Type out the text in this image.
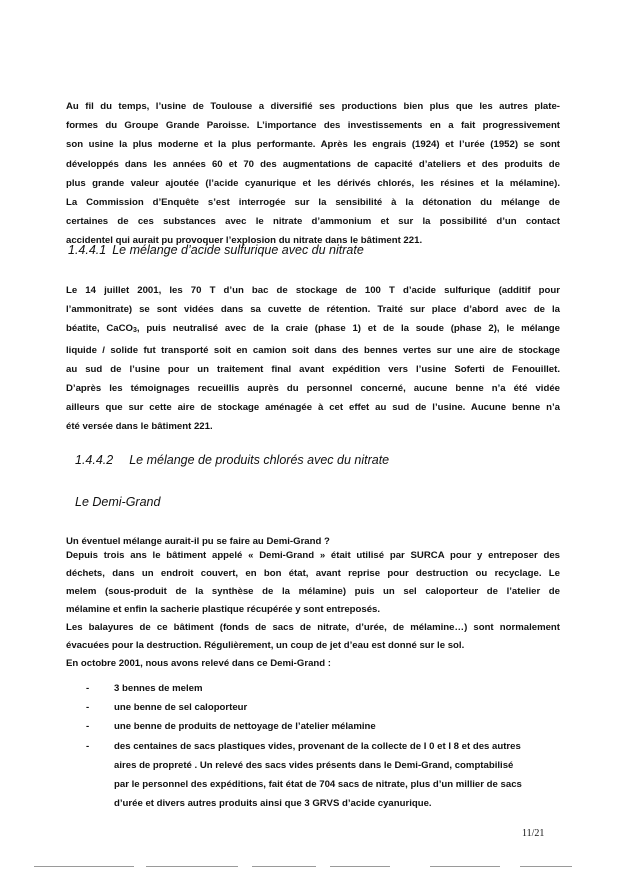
Au fil du temps, l’usine de Toulouse a diversifié ses productions bien plus que les autres plate-
formes du Groupe Grande Paroisse. L’importance des investissements en a fait progressivement
son usine la plus moderne et la plus performante. Après les engrais (1924) et l’urée (1952) se sont
développés dans les années 60 et 70 des augmentations de capacité d’ateliers et des produits de
plus grande valeur ajoutée (l’acide cyanurique et les dérivés chlorés, les résines et la mélamine).
La Commission d’Enquête s’est interrogée sur la sensibilité à la détonation du mélange de
certaines de ces substances avec le nitrate d’ammonium et sur la possibilité d’un contact
accidentel qui aurait pu provoquer l’explosion du nitrate dans le bâtiment 221.
1.4.4.1 Le mélange d’acide sulfurique avec du nitrate
Le 14 juillet 2001, les 70 T d’un bac de stockage de 100 T d’acide sulfurique (additif pour
l’ammonitrate) se sont vidées dans sa cuvette de rétention. Traité sur place d’abord avec de la
béatite, CaCO3, puis neutralisé avec de la craie (phase 1) et de la soude (phase 2), le mélange
liquide / solide fut transporté soit en camion soit dans des bennes vertes sur une aire de stockage
au sud de l’usine pour un traitement final avant expédition vers l’usine Soferti de Fenouillet.
D’après les témoignages recueillis auprès du personnel concerné, aucune benne n’a été vidée
ailleurs que sur cette aire de stockage aménagée à cet effet au sud de l’usine. Aucune benne n’a
été versée dans le bâtiment 221.
1.4.4.2 Le mélange de produits chlorés avec du nitrate
Le Demi-Grand

Un éventuel mélange aurait-il pu se faire au Demi-Grand ?

Depuis trois ans le bâtiment appelé « Demi-Grand » était utilisé par SURCA pour y entreposer des
déchets, dans un endroit couvert, en bon état, avant reprise pour destruction ou recyclage. Le
melem (sous-produit de la synthèse de la mélamine) puis un sel caloporteur de l’atelier de
mélamine et enfin la sacherie plastique récupérée y sont entreposés.
Les balayures de ce bâtiment (fonds de sacs de nitrate, d’urée, de mélamine…) sont normalement
évacuées pour la destruction. Régulièrement, un coup de jet d’eau est donné sur le sol.
En octobre 2001, nous avons relevé dans ce Demi-Grand :
-	3 bennes de melem
-	une benne de sel caloporteur
-	une benne de produits de nettoyage de l’atelier mélamine
-	des centaines de sacs plastiques vides, provenant de la collecte de I 0 et I 8 et des autres
aires de propreté . Un relevé des sacs vides présents dans le Demi-Grand, comptabilisé
par le personnel des expéditions, fait état de 704 sacs de nitrate, plus d’un millier de sacs
d’urée et divers autres produits ainsi que 3 GRVS d’acide cyanurique.
11/21
